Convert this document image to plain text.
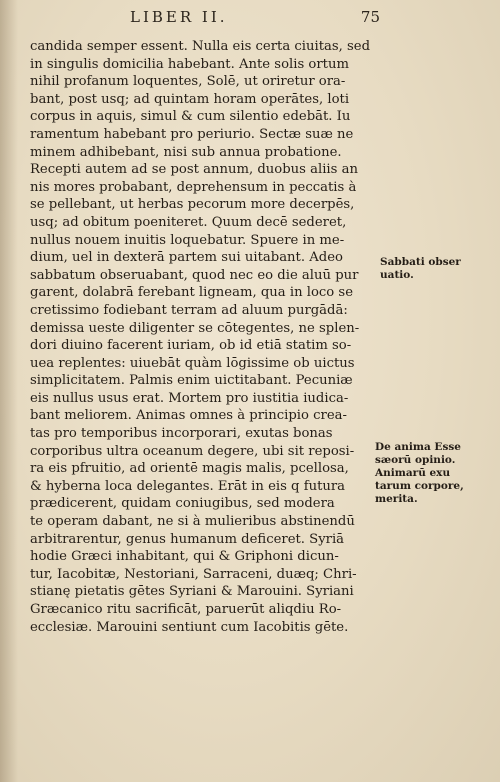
LIBER II.	75
candida semper essent. Nulla eis certa ciuitas, sed
in singulis domicilia habebant. Ante solis ortum
nihil profanum loquentes, Solē, ut oriretur ora-
bant, post usq; ad quintam horam operātes, loti
corpus in aquis, simul & cum silentio edebāt. Iu
ramentum habebant pro periurio. Sectæ suæ ne
minem adhibebant, nisi sub annua probatione.
Recepti autem ad se post annum, duobus aliis an
nis mores probabant, deprehensum in peccatis à
se pellebant, ut herbas pecorum more decerpēs,
usq; ad obitum poeniteret. Quum decē sederet,
nullus nouem inuitis loquebatur. Spuere in me-
dium, uel in dexterā partem sui uitabant. Adeo
sabbatum obseruabant, quod nec eo die aluū pur
garent, dolabrā ferebant ligneam, qua in loco se
cretissimo fodiebant terram ad aluum purgādā:
demissa ueste diligenter se cōtegentes, ne splen-
dori diuino facerent iuriam, ob id etiā statim so-
uea replentes: uiuebāt quàm lōgissime ob uictus
simplicitatem. Palmis enim uictitabant. Pecuniæ
eis nullus usus erat. Mortem pro iustitia iudica-
bant meliorem. Animas omnes à principio crea-
tas pro temporibus incorporari, exutas bonas
corporibus ultra oceanum degere, ubi sit reposi-
ra eis pfruitio, ad orientē magis malis, pcellosa,
& hyberna loca delegantes. Erāt in eis q futura
prædicerent, quidam coniugibus, sed modera
te operam dabant, ne si à mulieribus abstinendū
arbitrarentur, genus humanum deficeret. Syriā
hodie Græci inhabitant, qui & Griphoni dicun-
tur, Iacobitæ, Nestoriani, Sarraceni, duæq; Chri-
stianę pietatis gētes Syriani & Marouini. Syriani
Græcanico ritu sacrificāt, paruerūt aliqdiu Ro-
ecclesiæ. Marouini sentiunt cum Iacobitis gēte.
Sabbati obser
uatio.
De anima Esse
sæorū opinio.
Animarū exu
tarum corpore,
merita.
